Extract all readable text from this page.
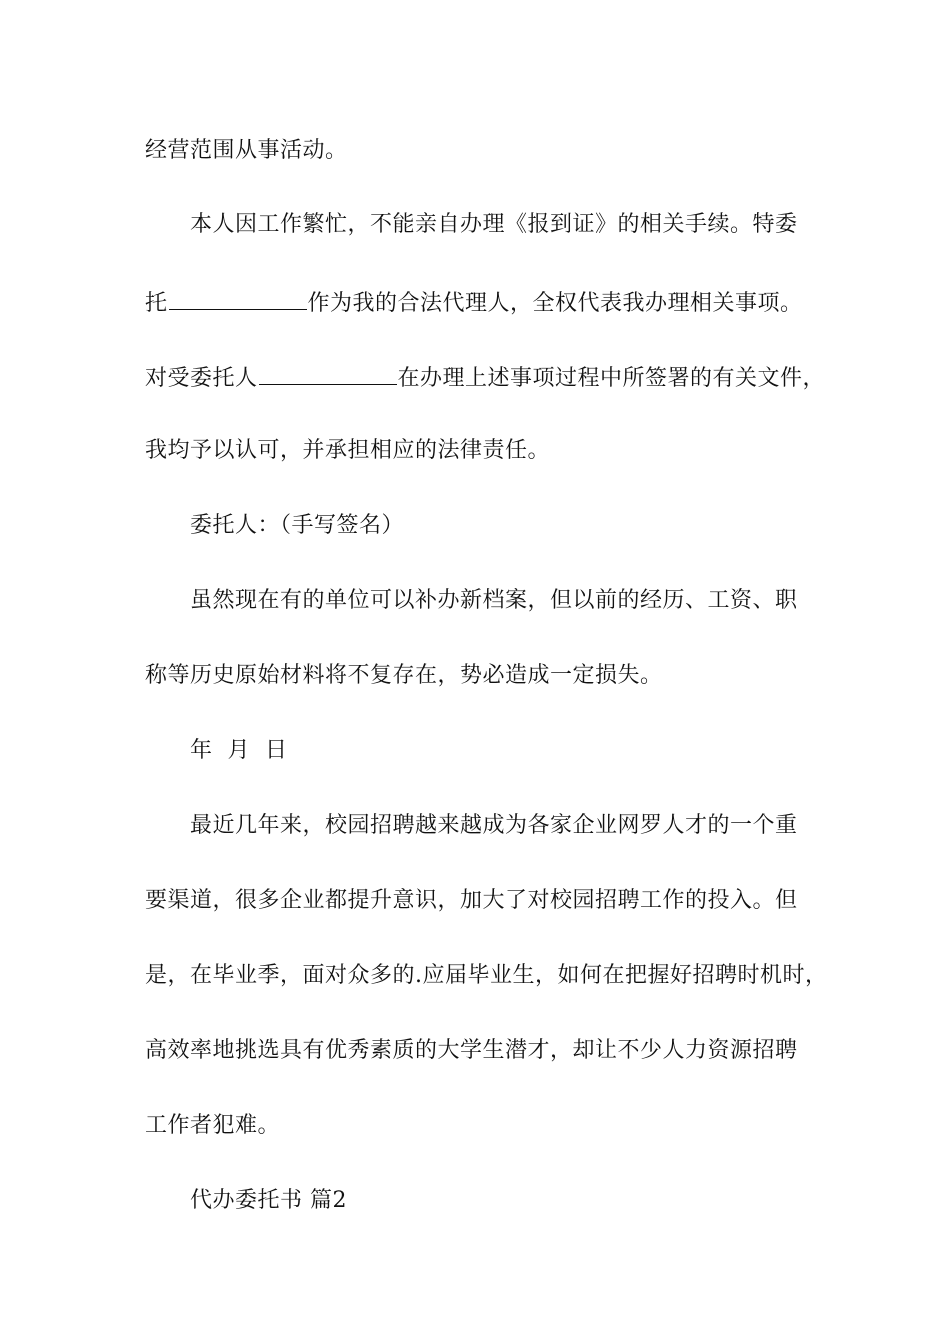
经营范围从事活动。
本人因工作繁忙，不能亲自办理《报到证》的相关手续。特委
托	作为我的合法代理人，全权代表我办理相关事项。
对受委托人	在办理上述事项过程中所签署的有关文件，
我均予以认可，并承担相应的法律责任。
委托人：（手写签名）
虽然现在有的单位可以补办新档案，但以前的经历、工资、职
称等历史原始材料将不复存在，势必造成一定损失。
年  月  日
最近几年来，校园招聘越来越成为各家企业网罗人才的一个重
要渠道，很多企业都提升意识，加大了对校园招聘工作的投入。但
是，在毕业季，面对众多的.应届毕业生，如何在把握好招聘时机时，
高效率地挑选具有优秀素质的大学生潜才，却让不少人力资源招聘
工作者犯难。
代办委托书 篇2
